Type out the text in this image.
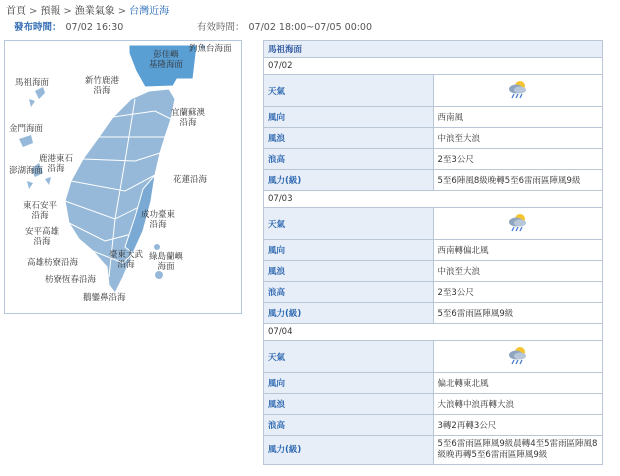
首頁 > 預報 > 漁業氣象 > 台灣近海
發布時間： 07/02 16:30	有效時間： 07/02 18:00~07/05 00:00
釣魚台海面
彭佳嶼
基隆海面
馬祖海面	新竹鹿港
沿海
宜蘭蘇澳
沿海
金門海面
鹿港東石
沿海
澎湖海面
花蓮沿海
東石安平
沿海	成功臺東
沿海
安平高雄
沿海
臺東大武
沿海
綠島蘭嶼
海面
高雄枋寮沿海
枋寮恆春沿海
鵝鑾鼻沿海
馬祖海面	
07/02	
天氣	
風向	西南風
風浪	中浪至大浪
浪高	2至3公尺
風力(級)	5至6陣風8級晚轉5至6雷雨區陣風9級
07/03	
天氣	
風向	西南轉偏北風
風浪	中浪至大浪
浪高	2至3公尺
風力(級)	5至6雷雨區陣風9級
07/04	
天氣	
風向	偏北轉東北風
風浪	大浪轉中浪再轉大浪
浪高	3轉2再轉3公尺
風力(級)	5至6雷雨區陣風9級晨轉4至5雷雨區陣風8級晚再轉5至6雷雨區陣風9級
